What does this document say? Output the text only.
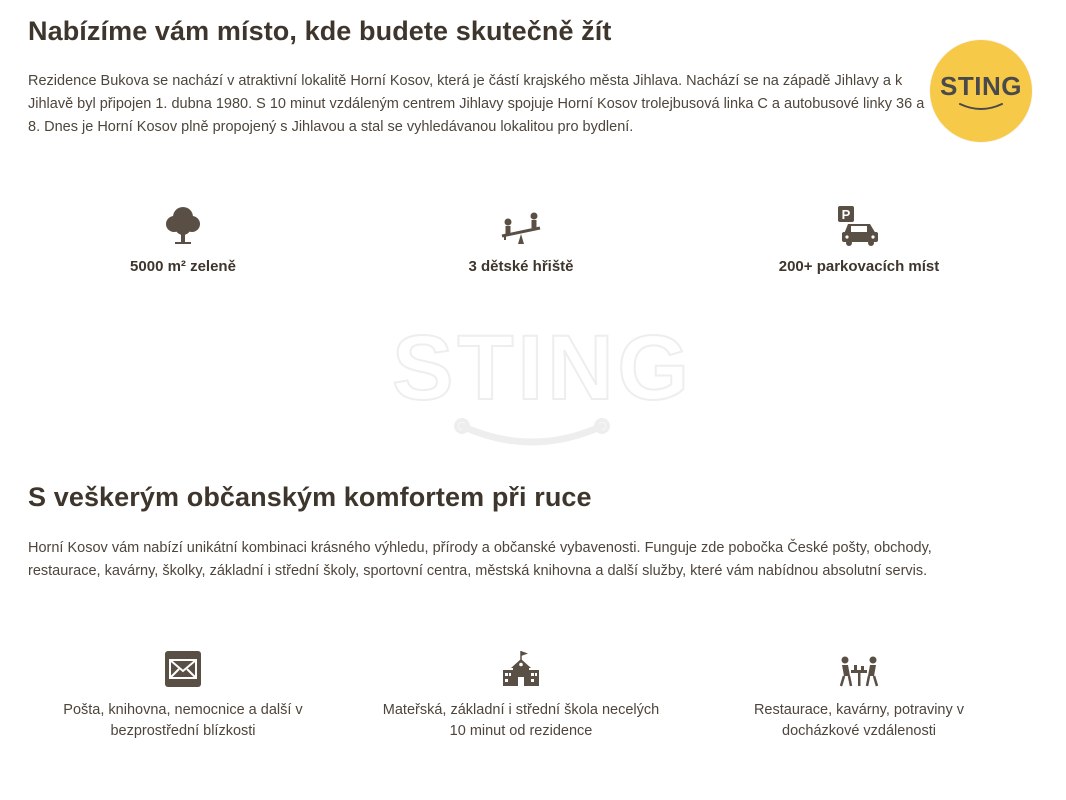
Nabízíme vám místo, kde budete skutečně žít

Rezidence Bukova se nachází v atraktivní lokalitě Horní Kosov, která je částí krajského města Jihlava. Nachází se na západě Jihlavy a k
Jihlavě byl připojen 1. dubna 1980. S 10 minut vzdáleným centrem Jihlavy spojuje Horní Kosov trolejbusová linka C a autobusové linky 36 a
8. Dnes je Horní Kosov plně propojený s Jihlavou a stal se vyhledávanou lokalitou pro bydlení.

STING
5000 m² zeleně	3 dětské hřiště
P
200+ parkovacích míst
S veškerým občanským komfortem při ruce

Horní Kosov vám nabízí unikátní kombinaci krásného výhledu, přírody a občanské vybavenosti. Funguje zde pobočka České pošty, obchody,
restaurace, kavárny, školky, základní i střední školy, sportovní centra, městská knihovna a další služby, které vám nabídnou absolutní servis.

Pošta, knihovna, nemocnice a další v
bezprostřední blízkosti
Mateřská, základní i střední škola necelých
10 minut od rezidence
Restaurace, kavárny, potraviny v
docházkové vzdálenosti
STING
